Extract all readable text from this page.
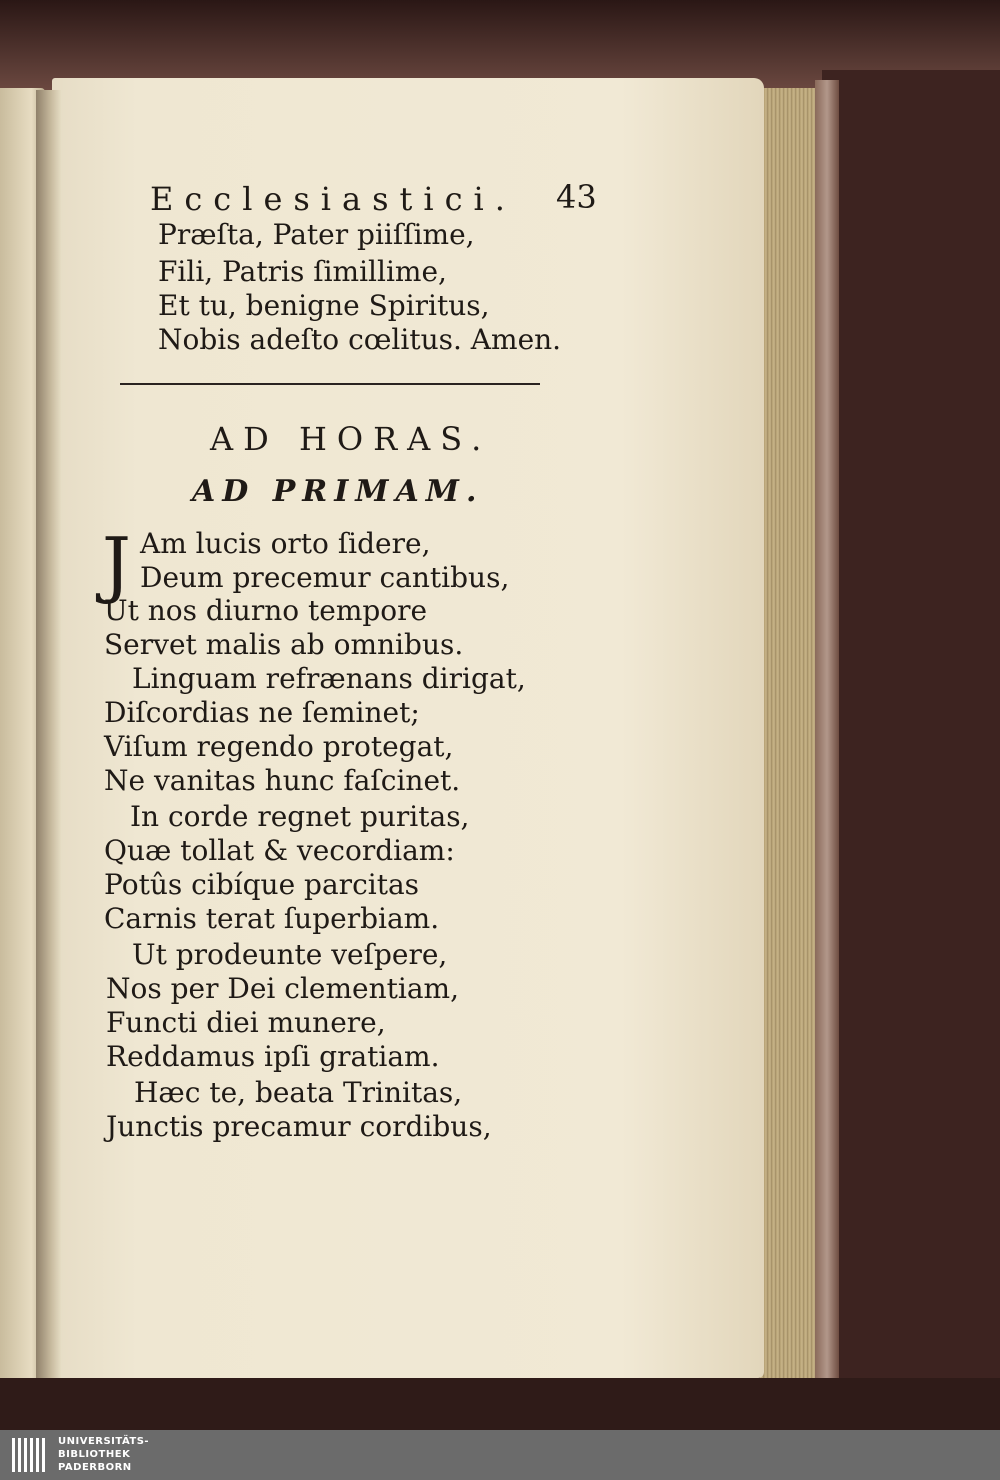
Ecclesiastici. 43
Præſta, Pater piiſſime,
Fili, Patris ſimillime,
Et tu, benigne Spiritus,
Nobis adeſto cœlitus. Amen.
AD HORAS.
AD PRIMAM.
J Am lucis orto ſidere,
Deum precemur cantibus,
Ut nos diurno tempore
Servet malis ab omnibus.
Linguam refrænans dirigat,
Diſcordias ne ſeminet;
Viſum regendo protegat,
Ne vanitas hunc faſcinet.
In corde regnet puritas,
Quæ tollat & vecordiam:
Potûs cibíque parcitas
Carnis terat ſuperbiam.
Ut prodeunte veſpere,
Nos per Dei clementiam,
Functi diei munere,
Reddamus ipſi gratiam.
Hæc te, beata Trinitas,
Junctis precamur cordibus,
UNIVERSITÄTS-
BIBLIOTHEK
PADERBORN
